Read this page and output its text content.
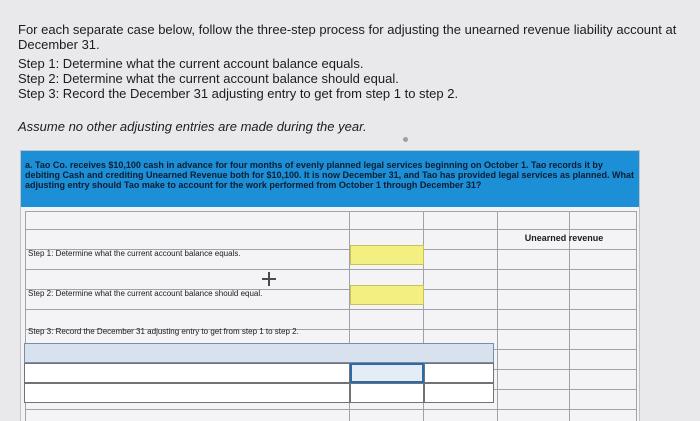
For each separate case below, follow the three-step process for adjusting the unearned revenue liability account at December 31.
Step 1: Determine what the current account balance equals.
Step 2: Determine what the current account balance should equal.
Step 3: Record the December 31 adjusting entry to get from step 1 to step 2.
Assume no other adjusting entries are made during the year.
a. Tao Co. receives $10,100 cash in advance for four months of evenly planned legal services beginning on October 1. Tao records it by debiting Cash and crediting Unearned Revenue both for $10,100. It is now December 31, and Tao has provided legal services as planned. What adjusting entry should Tao make to account for the work performed from October 1 through December 31?
Unearned revenue
Step 1: Determine what the current account balance equals.
Step 2: Determine what the current account balance should equal.
Step 3: Record the December 31 adjusting entry to get from step 1 to step 2.
